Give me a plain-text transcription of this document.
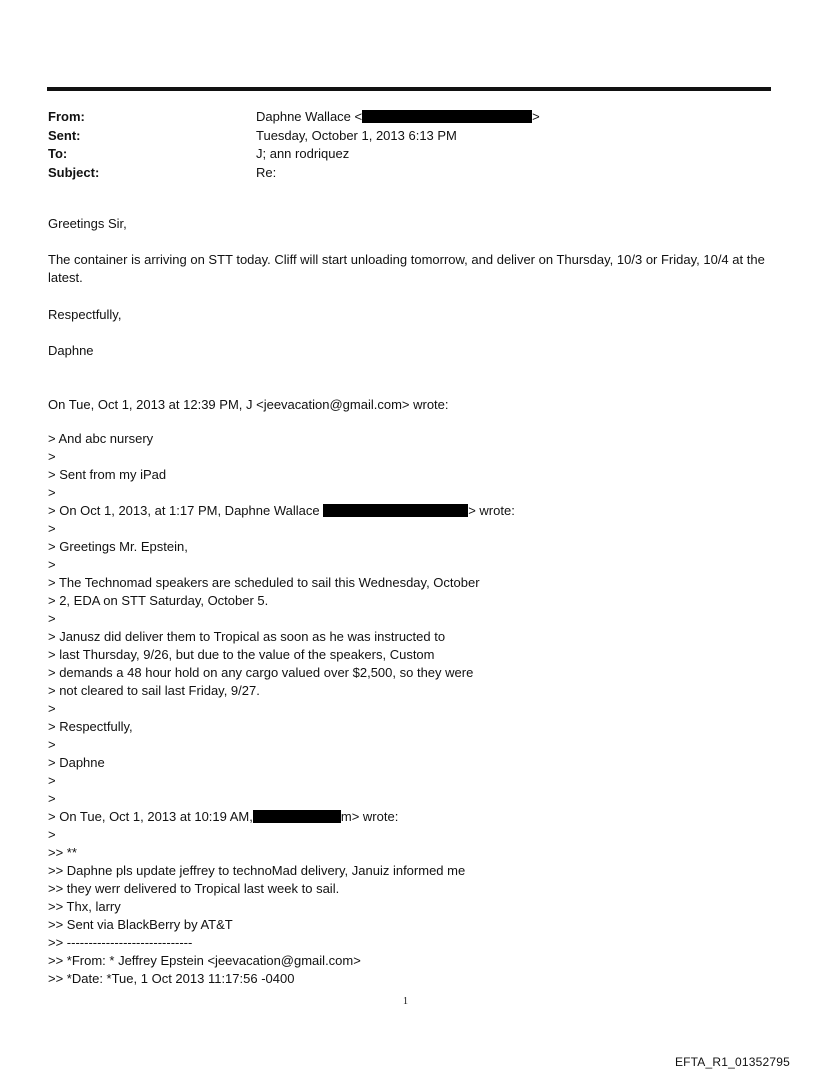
From:	Daphne Wallace <	>
Sent:	Tuesday, October 1, 2013 6:13 PM
To:	J; ann rodriquez
Subject:	Re:
Greetings Sir,
The container is arriving on STT today. Cliff will start unloading tomorrow, and deliver on Thursday, 10/3 or Friday, 10/4 at the latest.
Respectfully,
Daphne
On Tue, Oct 1, 2013 at 12:39 PM, J <jeevacation@gmail.com> wrote:
> And abc nursery
>
> Sent from my iPad
>
> On Oct 1, 2013, at 1:17 PM, Daphne Wallace	> wrote:
>
> Greetings Mr. Epstein,
>
> The Technomad speakers are scheduled to sail this Wednesday, October
> 2, EDA on STT Saturday, October 5.
>
> Janusz did deliver them to Tropical as soon as he was instructed to
> last Thursday, 9/26, but due to the value of the speakers, Custom
> demands a 48 hour hold on any cargo valued over $2,500, so they were
> not cleared to sail last Friday, 9/27.
>
> Respectfully,
>
> Daphne
>
>
> On Tue, Oct 1, 2013 at 10:19 AM,	m> wrote:
>
>> **
>> Daphne pls update jeffrey to technoMad delivery, Januiz informed me
>> they werr delivered to Tropical last week to sail.
>> Thx, larry
>> Sent via BlackBerry by AT&T
>> -----------------------------
>> *From: * Jeffrey Epstein <jeevacation@gmail.com>
>> *Date: *Tue, 1 Oct 2013 11:17:56 -0400
1
EFTA_R1_01352795
